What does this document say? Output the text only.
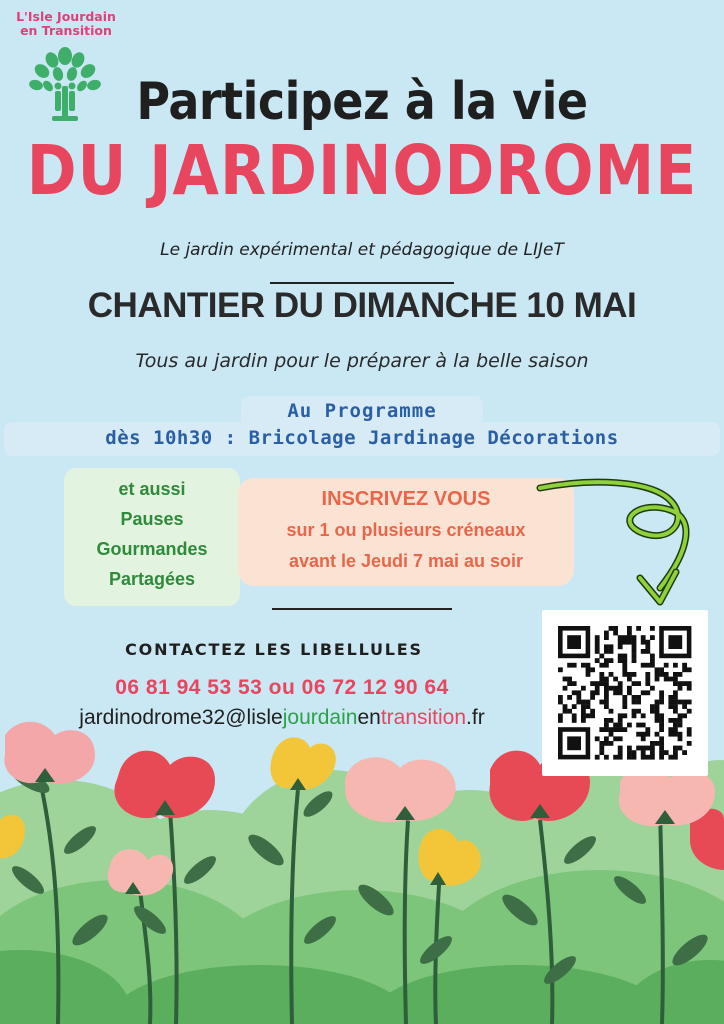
L'Isle Jourdain
en Transition
Participez à la vie
DU JARDINODROME
Le jardin expérimental et pédagogique de LIJeT
CHANTIER DU DIMANCHE 10 MAI
Tous au jardin pour le préparer à la belle saison
Au Programme
dès 10h30 : Bricolage Jardinage Décorations
et aussi
Pauses
Gourmandes
Partagées
INSCRIVEZ VOUS
sur 1 ou plusieurs créneaux
avant le Jeudi 7 mai au soir
CONTACTEZ LES LIBELLULES
06 81 94 53 53 ou 06 72 12 90 64
jardinodrome32@lislejourdainentransition.fr
